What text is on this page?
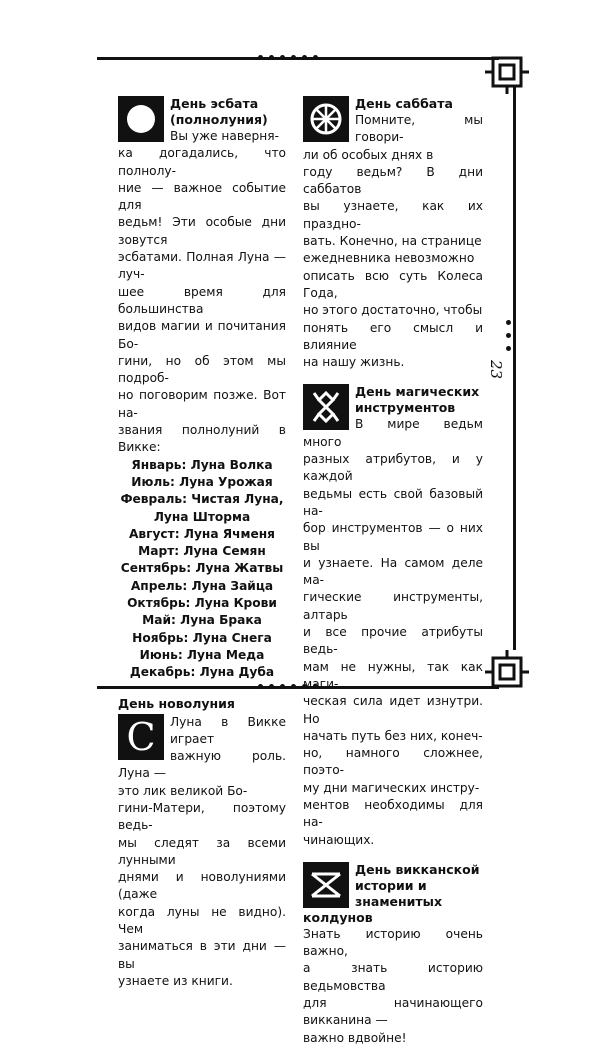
23
День эсбата (полнолуния)
Вы уже наверня-
ка догадались, что полнолу-
ние — важное событие для
ведьм! Эти особые дни зовутся
эсбатами. Полная Луна — луч-
шее время для большинства
видов магии и почитания Бо-
гини, но об этом мы подроб-
но поговорим позже. Вот на-
звания полнолуний в Викке:
Январь: Луна Волка
Июль: Луна Урожая
Февраль: Чистая Луна,
Луна Шторма
Август: Луна Ячменя
Март: Луна Семян
Сентябрь: Луна Жатвы
Апрель: Луна Зайца
Октябрь: Луна Крови
Май: Луна Брака
Ноябрь: Луна Снега
Июнь: Луна Меда
Декабрь: Луна Дуба
День новолуния
C	Луна в Викке играет
важную роль. Луна —
это лик великой Бо-
гини-Матери, поэтому ведь-
мы следят за всеми лунными
днями и новолуниями (даже
когда луны не видно). Чем
заниматься в эти дни — вы
узнаете из книги.
День саббата
Помните, мы говори-
ли об особых днях в
году ведьм? В дни саббатов
вы узнаете, как их праздно-
вать. Конечно, на странице
ежедневника невозможно
описать всю суть Колеса Года,
но этого достаточно, чтобы
понять его смысл и влияние
на нашу жизнь.
День магических инструментов
В мире ведьм много
разных атрибутов, и у каждой
ведьмы есть свой базовый на-
бор инструментов — о них вы
и узнаете. На самом деле ма-
гические инструменты, алтарь
и все прочие атрибуты ведь-
мам не нужны, так как маги-
ческая сила идет изнутри. Но
начать путь без них, конеч-
но, намного сложнее, поэто-
му дни магических инстру-
ментов необходимы для на-
чинающих.
День викканской истории и знаменитых колдунов
Знать историю очень важно,
а знать историю ведьмовства
для начинающего викканина —
важно вдвойне!
